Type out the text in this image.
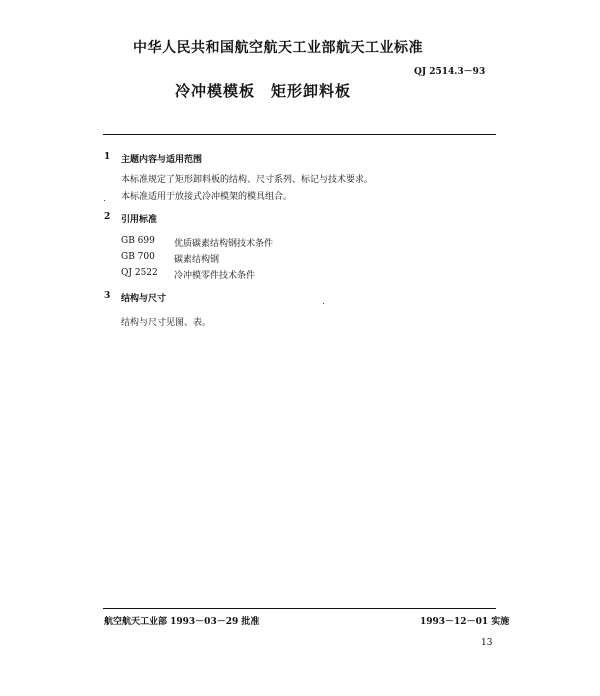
中华人民共和国航空航天工业部航天工业标准
QJ 2514.3－93
冷冲模模板　矩形卸料板
1 主题内容与适用范围
本标准规定了矩形卸料板的结构、尺寸系列、标记与技术要求。
本标准适用于放接式冷冲模架的模具组合。
2 引用标准
GB 699	优质碳素结构钢技术条件
GB 700	碳素结构钢
QJ 2522	冷冲模零件技术条件
3 结构与尺寸
结构与尺寸见图、表。
航空航天工业部 1993－03－29 批准	1993－12－01 实施
13
